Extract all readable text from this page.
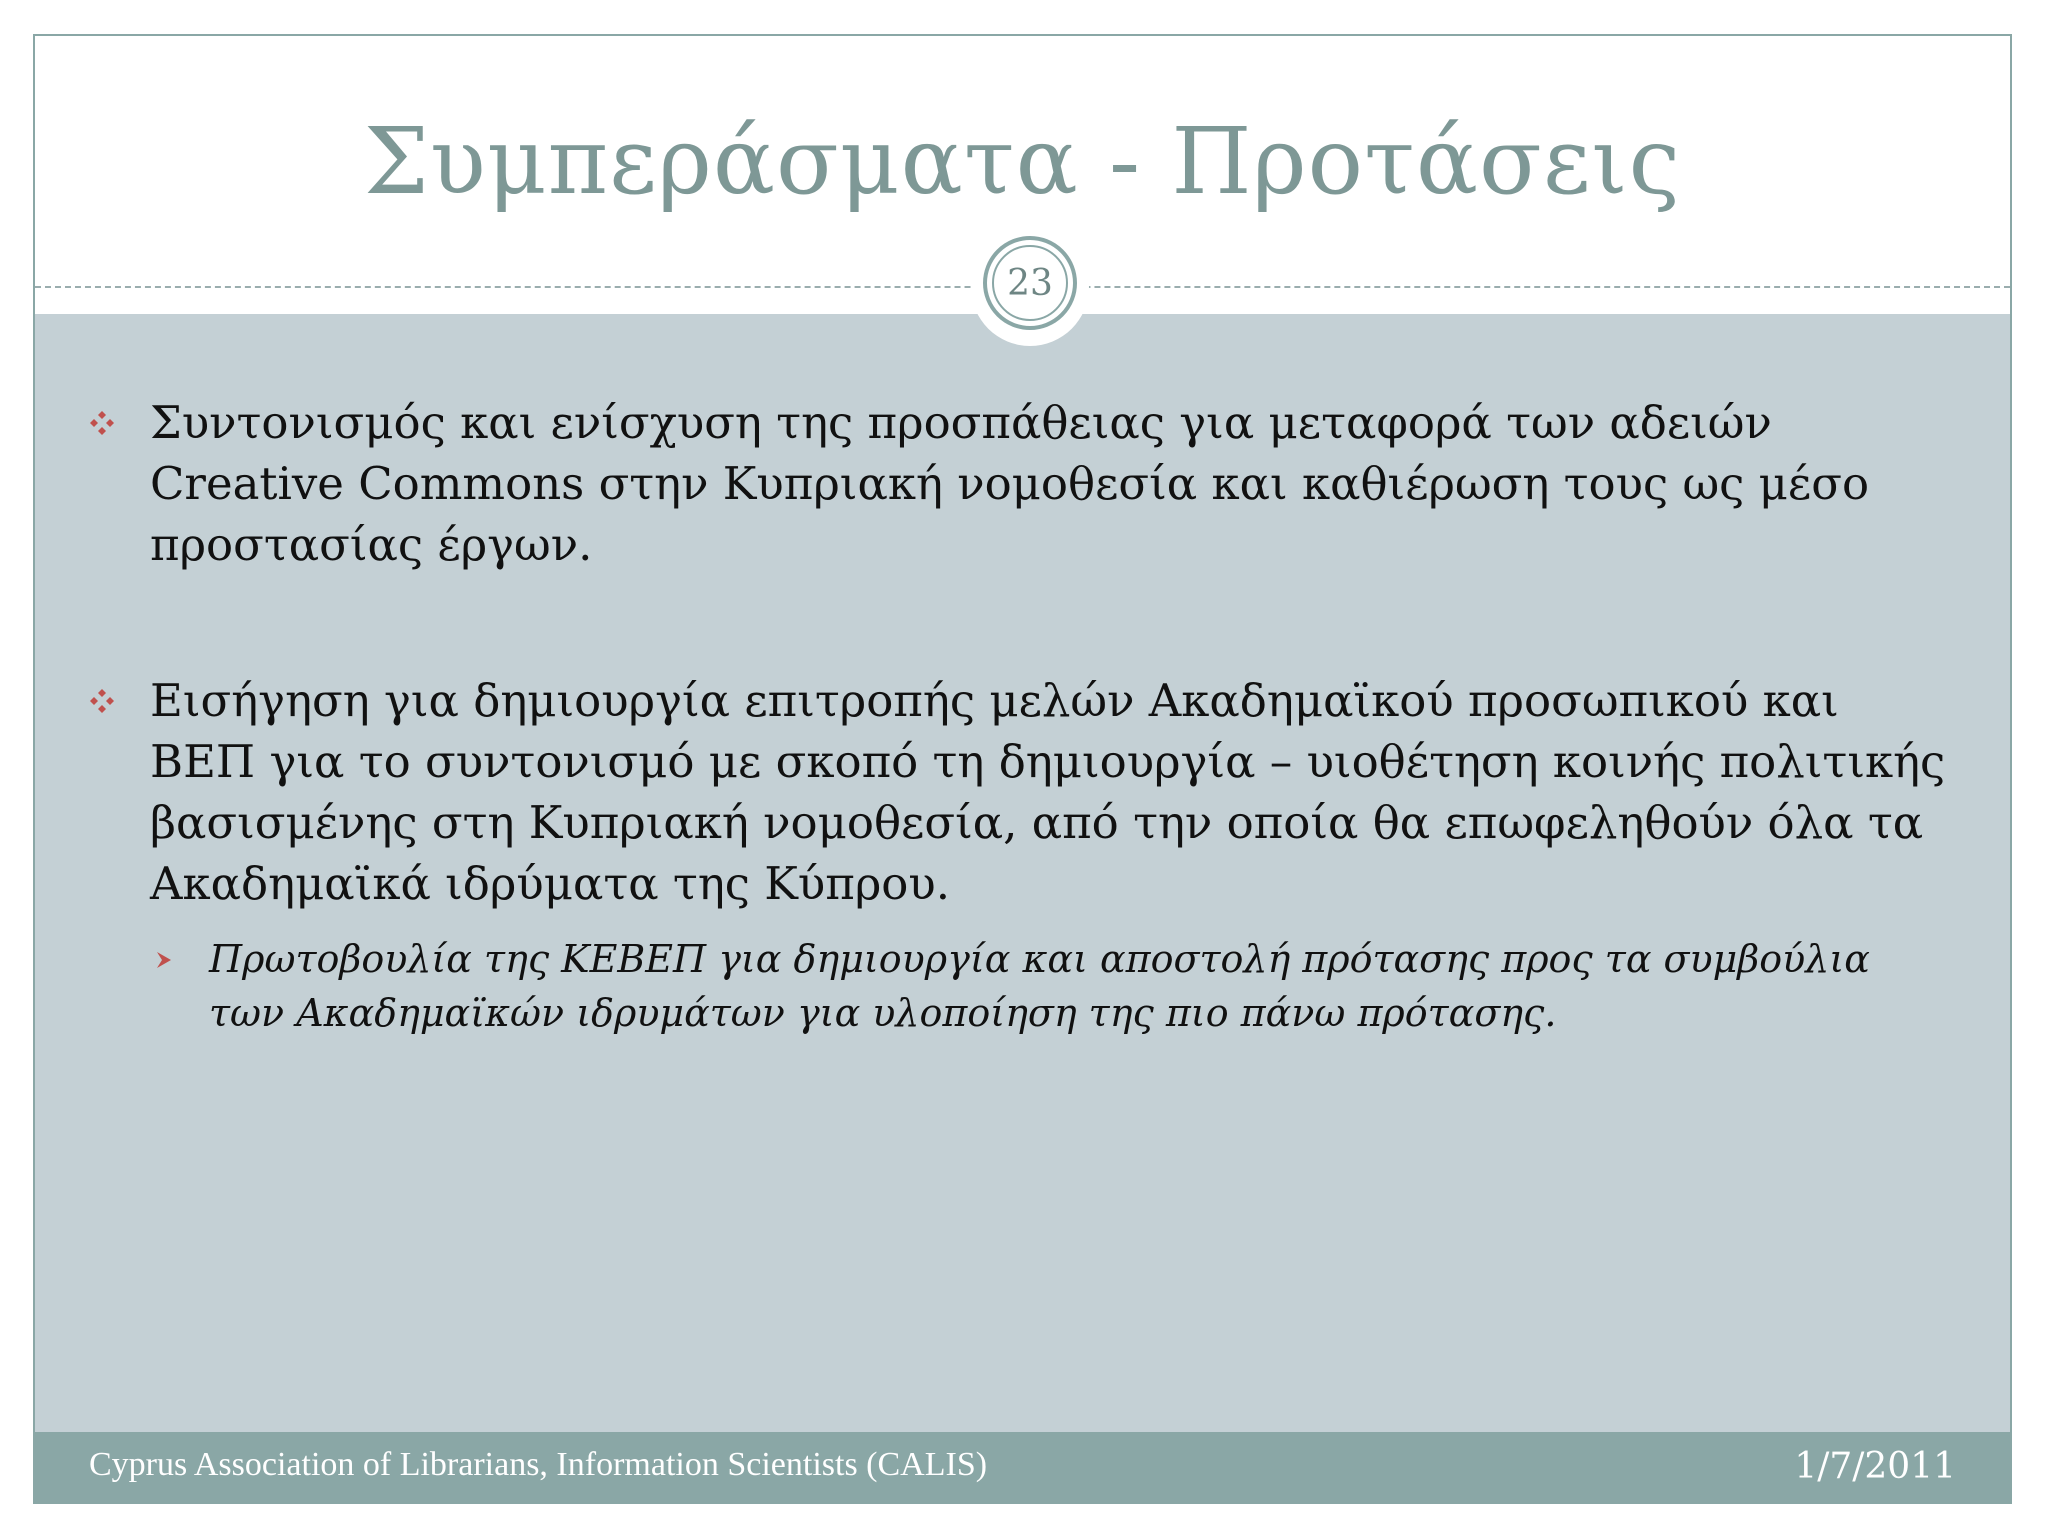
Συμπεράσματα - Προτάσεις
23
Συντονισμός και ενίσχυση της προσπάθειας για μεταφορά των αδειών Creative Commons στην Κυπριακή νομοθεσία και καθιέρωση τους ως μέσο προστασίας έργων.
Εισήγηση για δημιουργία επιτροπής μελών Ακαδημαϊκού προσωπικού και ΒΕΠ για το συντονισμό με σκοπό τη δημιουργία – υιοθέτηση κοινής πολιτικής βασισμένης στη Κυπριακή νομοθεσία, από την οποία θα επωφεληθούν όλα τα Ακαδημαϊκά ιδρύματα της Κύπρου.
Πρωτοβουλία της ΚΕΒΕΠ για δημιουργία και αποστολή πρότασης προς τα συμβούλια των Ακαδημαϊκών ιδρυμάτων για υλοποίηση της πιο πάνω πρότασης.
Cyprus Association of Librarians, Information Scientists (CALIS)	1/7/2011
